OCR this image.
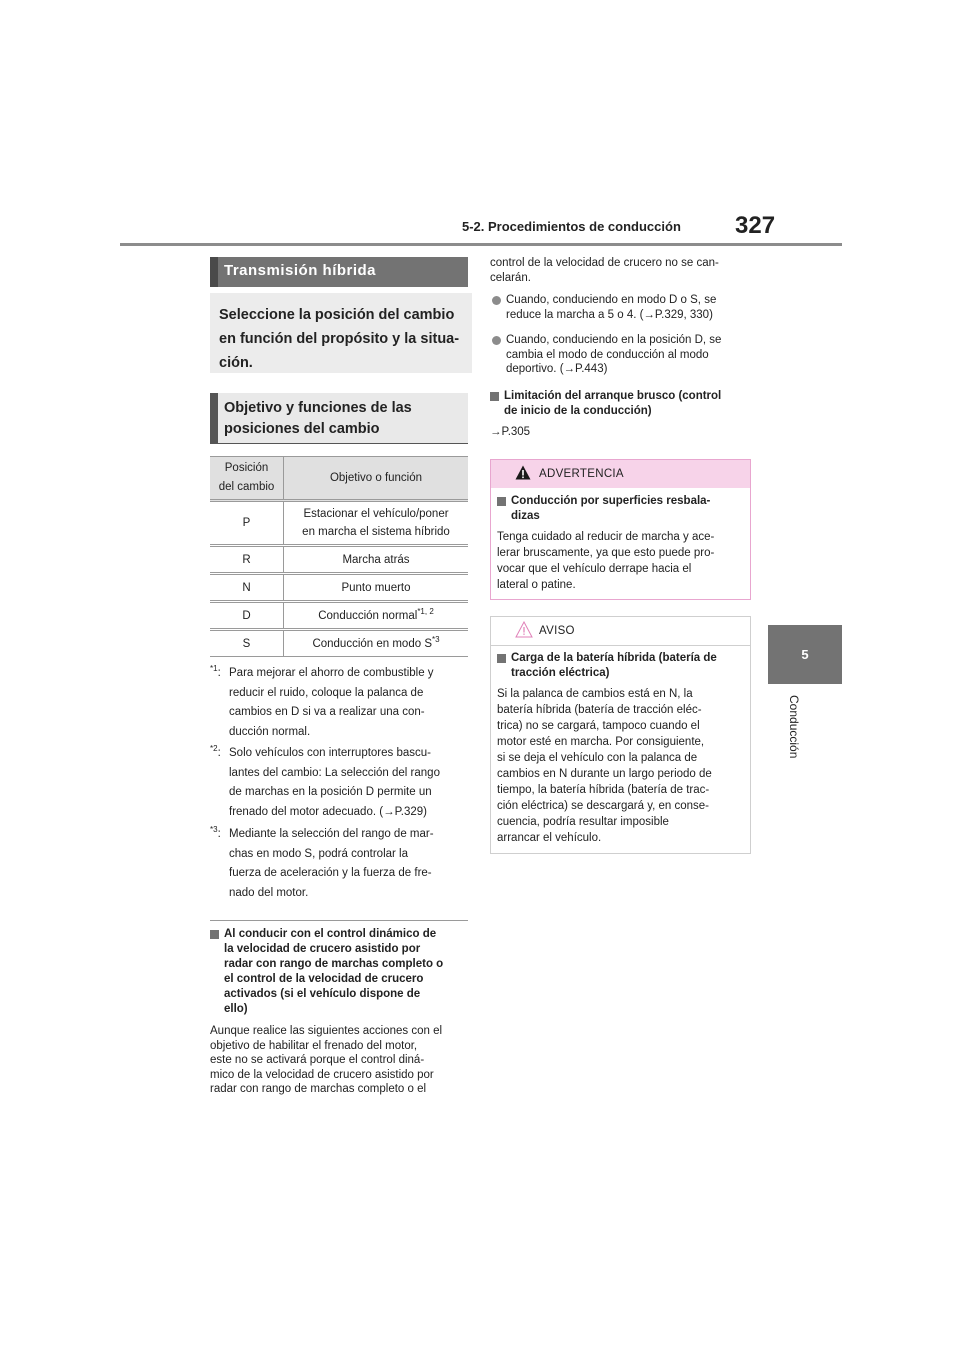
5-2. Procedimientos de conducción 327
5
Conducción
Transmisión híbrida
Seleccione la posición del cambio
en función del propósito y la situa-
ción.
Objetivo y funciones de las
posiciones del cambio
Posición
del cambio	Objetivo o función
P	Estacionar el vehículo/poner
en marcha el sistema híbrido

R	Marcha atrás
N	Punto muerto
D	Conducción normal$^{*1, 2}$
S	Conducción en modo $S^{*3}$
$^{*1}$: Para mejorar el ahorro de combustible y
reducir el ruido, coloque la palanca de
cambios en D si va a realizar una con-
ducción normal.
$^{*2}$: Solo vehículos con interruptores bascu-
lantes del cambio: La selección del rango
de marchas en la posición D permite un
frenado del motor adecuado. (→P.329)
$^{*3}$: Mediante la selección del rango de mar-
chas en modo S, podrá controlar la
fuerza de aceleración y la fuerza de fre-
nado del motor.
Al conducir con el control dinámico de
la velocidad de crucero asistido por
radar con rango de marchas completo o
el control de la velocidad de crucero
activados (si el vehículo dispone de
ello)
Aunque realice las siguientes acciones con el
objetivo de habilitar el frenado del motor,
este no se activará porque el control diná-
mico de la velocidad de crucero asistido por
radar con rango de marchas completo o el
control de la velocidad de crucero no se can-
celarán.
Cuando, conduciendo en modo D o S, se
reduce la marcha a 5 o 4. (→P.329, 330)
Cuando, conduciendo en la posición D, se
cambia el modo de conducción al modo
deportivo. (→P.443)
Limitación del arranque brusco (control
de inicio de la conducción)
→P.305
ADVERTENCIA
Conducción por superficies resbala-
dizas
Tenga cuidado al reducir de marcha y ace-
lerar bruscamente, ya que esto puede pro-
vocar que el vehículo derrape hacia el
lateral o patine.
AVISO
Carga de la batería híbrida (batería de
tracción eléctrica)
Si la palanca de cambios está en N, la
batería híbrida (batería de tracción eléc-
trica) no se cargará, tampoco cuando el
motor esté en marcha. Por consiguiente,
si se deja el vehículo con la palanca de
cambios en N durante un largo periodo de
tiempo, la batería híbrida (batería de trac-
ción eléctrica) se descargará y, en conse-
cuencia, podría resultar imposible
arrancar el vehículo.
